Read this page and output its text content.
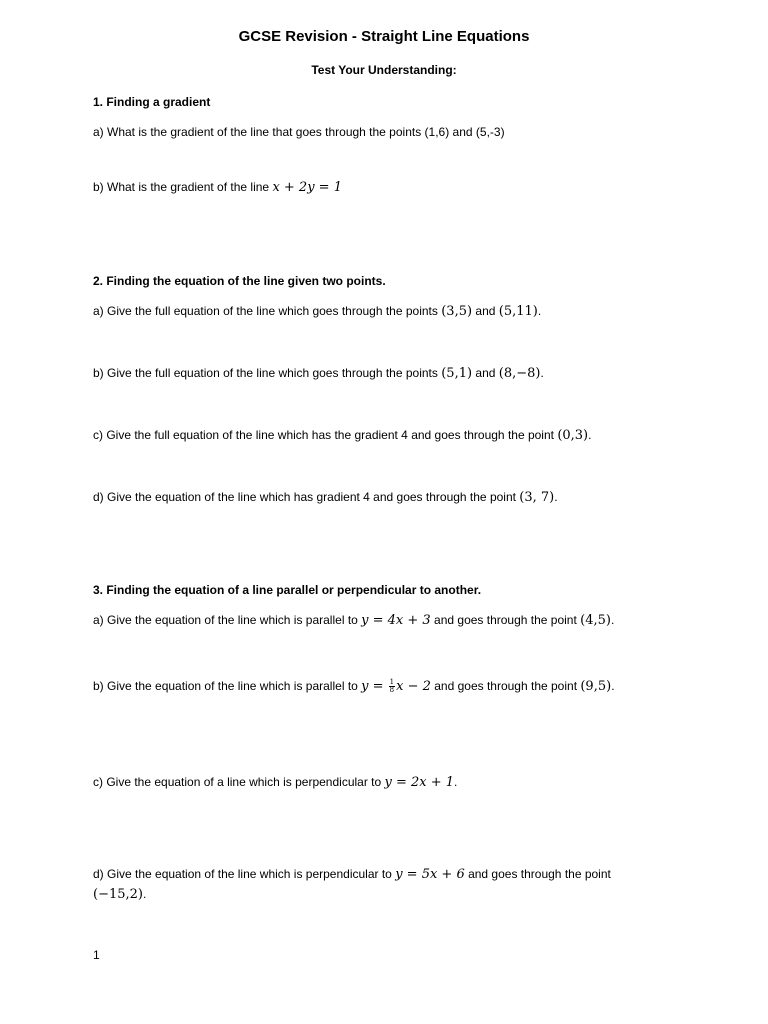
GCSE Revision - Straight Line Equations
Test Your Understanding:
1. Finding a gradient
a) What is the gradient of the line that goes through the points (1,6) and (5,-3)
b) What is the gradient of the line x + 2y = 1
2. Finding the equation of the line given two points.
a) Give the full equation of the line which goes through the points (3,5) and (5,11).
b) Give the full equation of the line which goes through the points (5,1) and (8,−8).
c) Give the full equation of the line which has the gradient 4 and goes through the point (0,3).
d) Give the equation of the line which has gradient 4 and goes through the point (3, 7).
3. Finding the equation of a line parallel or perpendicular to another.
a) Give the equation of the line which is parallel to y = 4x + 3 and goes through the point (4,5).
b) Give the equation of the line which is parallel to $y = \frac{1}{8}$ x − 2 and goes through the point (9,5).
c) Give the equation of a line which is perpendicular to y = 2x + 1.
d) Give the equation of the line which is perpendicular to y = 5x + 6 and goes through the point
(−15,2).
1
